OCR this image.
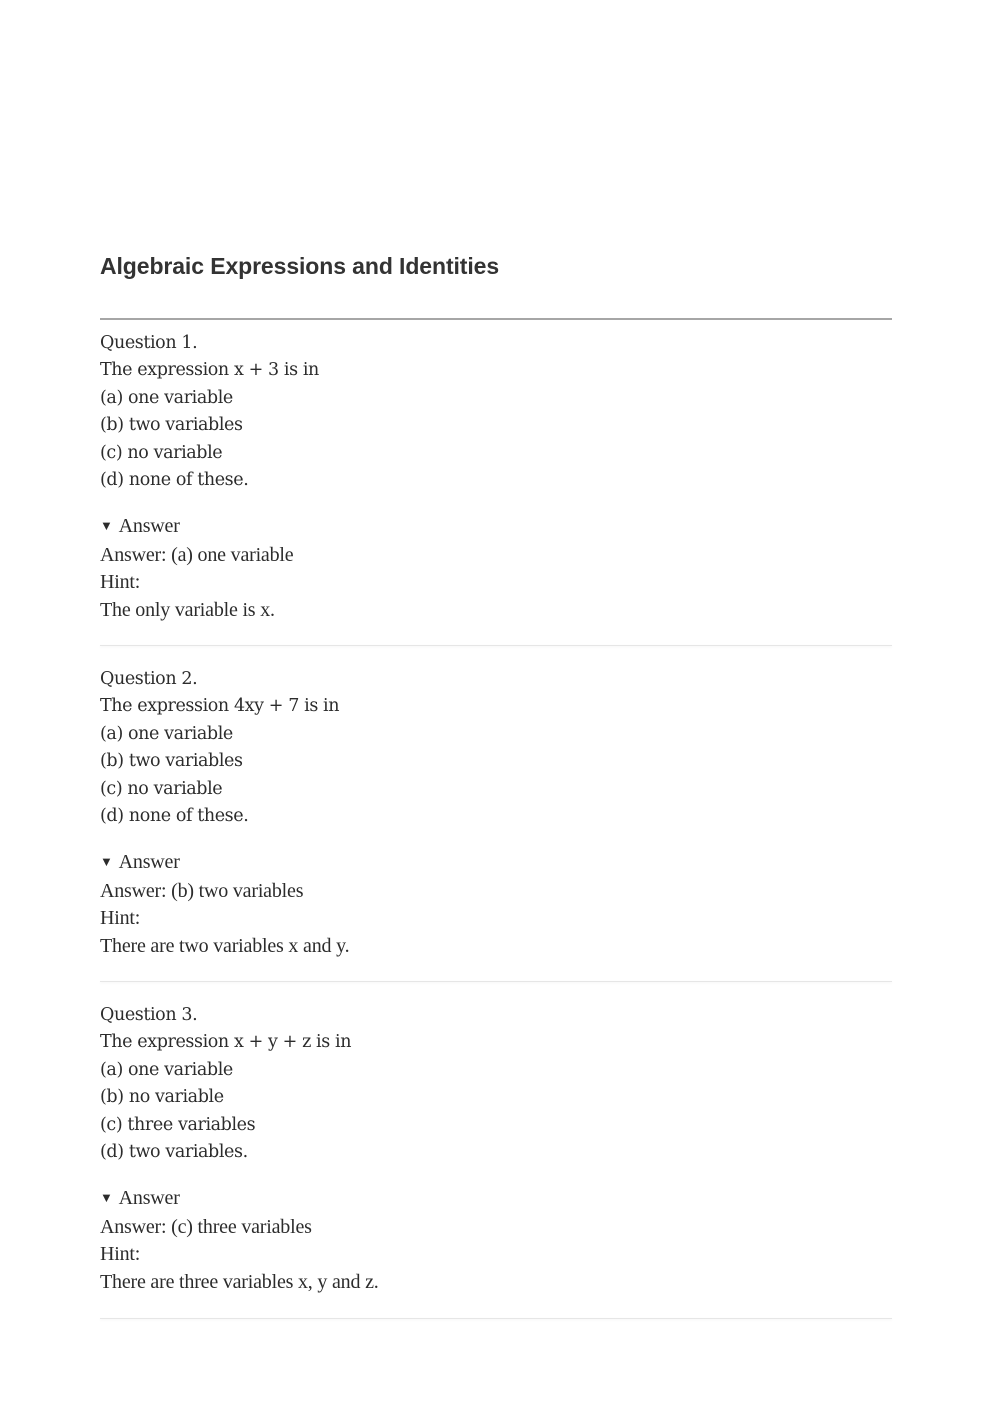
Algebraic Expressions and Identities
Question 1.
The expression x + 3 is in
(a) one variable
(b) two variables
(c) no variable
(d) none of these.
▼ Answer
Answer: (a) one variable
Hint:
The only variable is x.
Question 2.
The expression 4xy + 7 is in
(a) one variable
(b) two variables
(c) no variable
(d) none of these.
▼ Answer
Answer: (b) two variables
Hint:
There are two variables x and y.
Question 3.
The expression x + y + z is in
(a) one variable
(b) no variable
(c) three variables
(d) two variables.
▼ Answer
Answer: (c) three variables
Hint:
There are three variables x, y and z.
